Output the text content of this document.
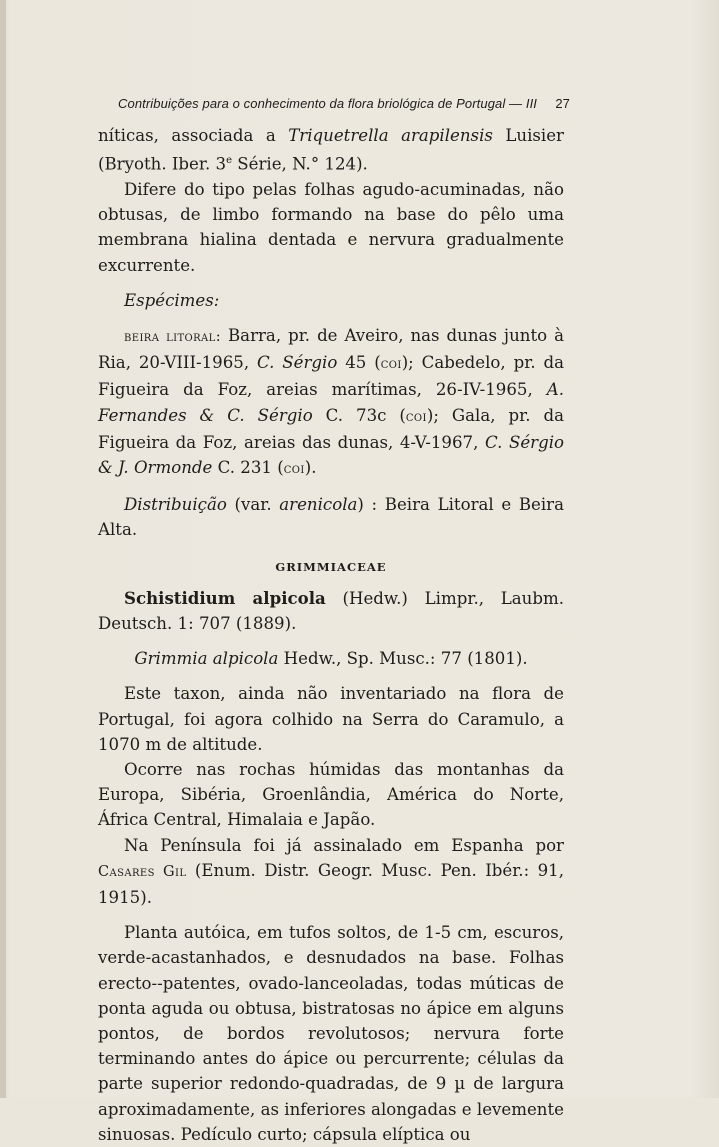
Contribuições para o conhecimento da flora briológica de Portugal — III 27

níticas, associada a Triquetrella arapilensis Luisier (Bryoth. Iber. 3e Série, N.° 124).

Difere do tipo pelas folhas agudo-acuminadas, não obtusas, de limbo formando na base do pêlo uma membrana hialina dentada e nervura gradualmente excurrente.

Espécimes:

beira litoral: Barra, pr. de Aveiro, nas dunas junto à Ria, 20-VIII-1965, C. Sérgio 45 (coi); Cabedelo, pr. da Figueira da Foz, areias marítimas, 26-IV-1965, A. Fernandes & C. Sérgio C. 73c (coi); Gala, pr. da Figueira da Foz, areias das dunas, 4-V-1967, C. Sérgio & J. Ormonde C. 231 (coi).

Distribuição (var. arenicola) : Beira Litoral e Beira Alta.

GRIMMIACEAE

Schistidium alpicola (Hedw.) Limpr., Laubm. Deutsch. 1: 707 (1889).

Grimmia alpicola Hedw., Sp. Musc.: 77 (1801).

Este taxon, ainda não inventariado na flora de Portugal, foi agora colhido na Serra do Caramulo, a 1070 m de altitude.

Ocorre nas rochas húmidas das montanhas da Europa, Sibéria, Groenlândia, América do Norte, África Central, Himalaia e Japão.

Na Península foi já assinalado em Espanha por Casares Gil (Enum. Distr. Geogr. Musc. Pen. Ibér.: 91, 1915).

Planta autóica, em tufos soltos, de 1-5 cm, escuros, verde-acastanhados, e desnudados na base. Folhas erecto--patentes, ovado-lanceoladas, todas múticas de ponta aguda ou obtusa, bistratosas no ápice em alguns pontos, de bordos revolutosos; nervura forte terminando antes do ápice ou percurrente; células da parte superior redondo-quadradas, de 9 µ de largura aproximadamente, as inferiores alongadas e levemente sinuosas. Pedículo curto; cápsula elíptica ou
